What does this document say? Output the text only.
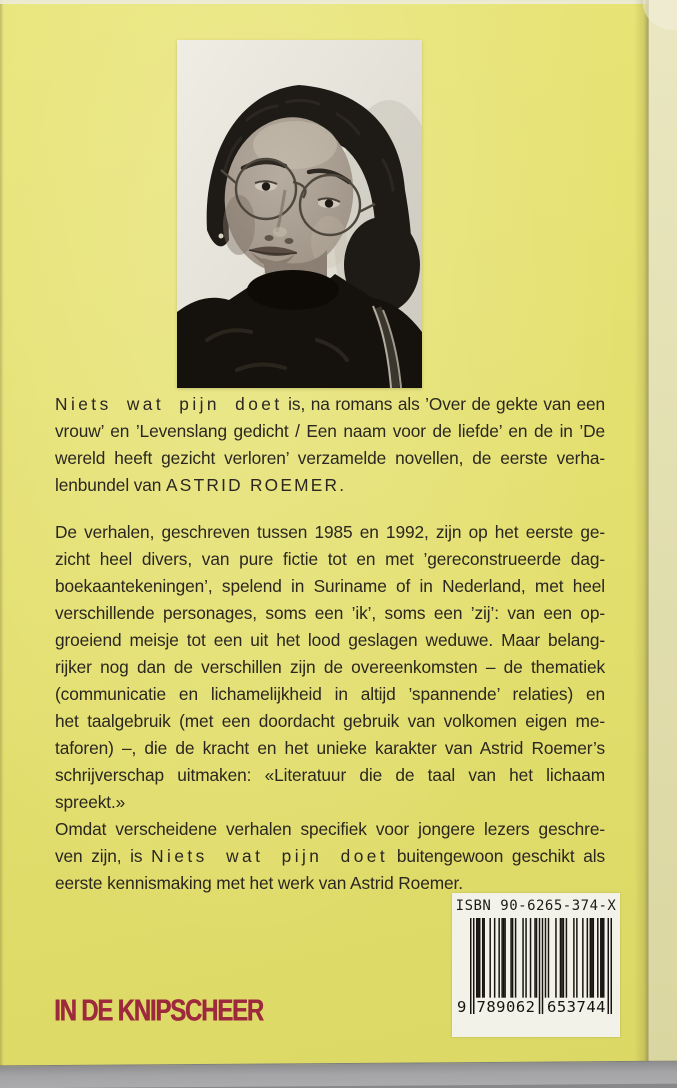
Niets wat pijn doet is, na romans als ’Over de gekte van een
vrouw’ en ’Levenslang gedicht / Een naam voor de liefde’ en de in ’De
wereld heeft gezicht verloren’ verzamelde novellen, de eerste verha-
lenbundel van ASTRID ROEMER.
De verhalen, geschreven tussen 1985 en 1992, zijn op het eerste ge-
zicht heel divers, van pure fictie tot en met ’gereconstrueerde dag-
boekaantekeningen’, spelend in Suriname of in Nederland, met heel
verschillende personages, soms een ’ik’, soms een ’zij’: van een op-
groeiend meisje tot een uit het lood geslagen weduwe. Maar belang-
rijker nog dan de verschillen zijn de overeenkomsten – de thematiek
(communicatie en lichamelijkheid in altijd ’spannende’ relaties) en
het taalgebruik (met een doordacht gebruik van volkomen eigen me-
taforen) –, die de kracht en het unieke karakter van Astrid Roemer’s
schrijverschap uitmaken: «Literatuur die de taal van het lichaam
spreekt.»
Omdat verscheidene verhalen specifiek voor jongere lezers geschre-
ven zijn, is Niets wat pijn doet buitengewoon geschikt als
eerste kennismaking met het werk van Astrid Roemer.
ISBN 90-6265-374-X
9 789062 653744
IN DE KNIPSCHEER
